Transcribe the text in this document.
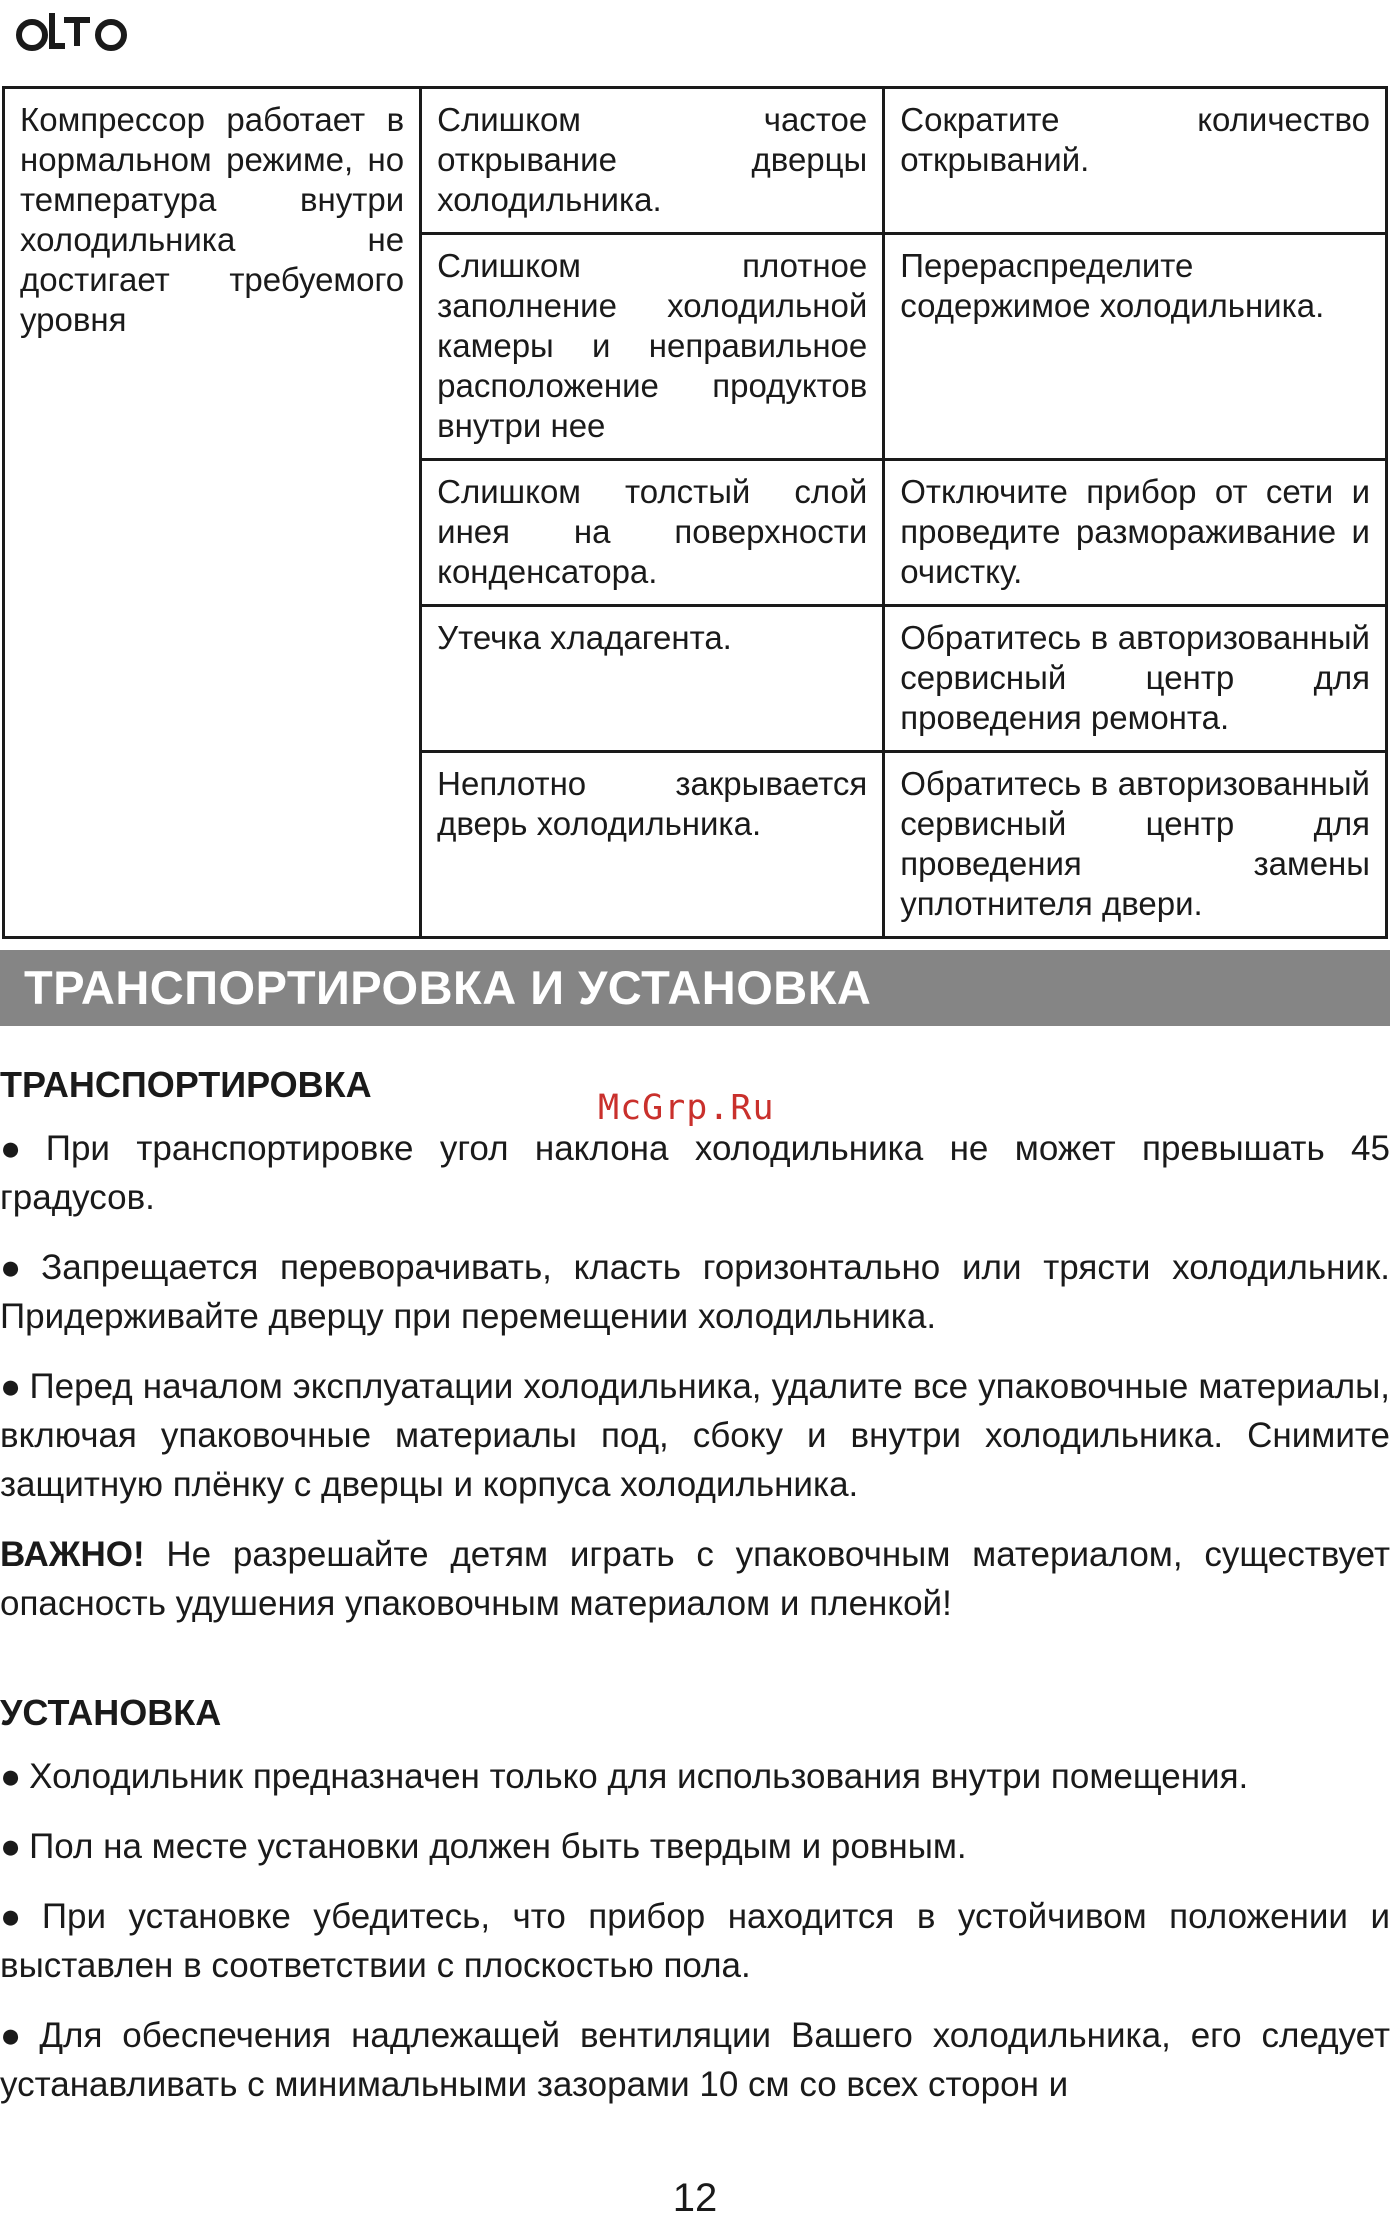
Компрессор работает в нормальном режиме, но температура внутри холодильника не достигает требуемого уровня	Слишком частое открывание дверцы холодильника.	Сократите количество открываний.
	Слишком плотное заполнение холодильной камеры и неправильное расположение продуктов внутри нее	Перераспределите содержимое холодильника.
	Слишком толстый слой инея на поверхности конденсатора.	Отключите прибор от сети и проведите размораживание и очистку.
	Утечка хладагента.	Обратитесь в авторизованный сервисный центр для проведения ремонта.
	Неплотно закрывается дверь холодильника.	Обратитесь в авторизованный сервисный центр для проведения замены уплотнителя двери.
ТРАНСПОРТИРОВКА И УСТАНОВКА
McGrp.Ru
ТРАНСПОРТИРОВКА

● При транспортировке угол наклона холодильника не может превышать 45 градусов.

● Запрещается переворачивать, класть горизонтально или трясти холодильник. Придерживайте дверцу при перемещении холодильника.

● Перед началом эксплуатации холодильника, удалите все упаковочные материалы, включая упаковочные материалы под, сбоку и внутри холодильника. Снимите защитную плёнку с дверцы и корпуса холодильника.

ВАЖНО! Не разрешайте детям играть с упаковочным материалом, существует опасность удушения упаковочным материалом и пленкой!

УСТАНОВКА

● Холодильник предназначен только для использования внутри помещения.

● Пол на месте установки должен быть твердым и ровным.

● При установке убедитесь, что прибор находится в устойчивом положении и выставлен в соответствии с плоскостью пола.

● Для обеспечения надлежащей вентиляции Вашего холодильника, его следует устанавливать с минимальными зазорами 10 см со всех сторон и

12
